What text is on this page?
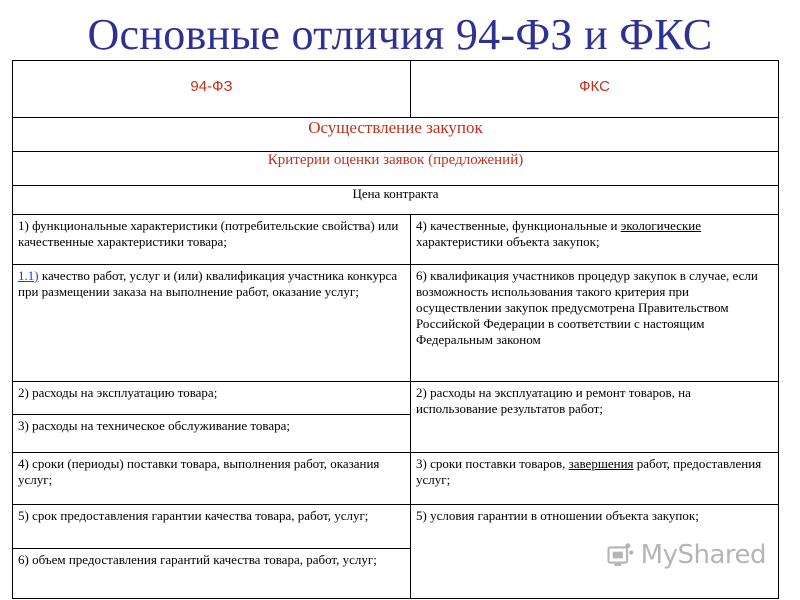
Основные отличия 94-ФЗ и ФКС
94-ФЗ	ФКС
Осуществление закупок	
Критерии оценки заявок (предложений)	
Цена контракта	
1) функциональные характеристики (потребительские свойства) или качественные характеристики товара;	4) качественные, функциональные и экологические характеристики объекта закупок;
1.1) качество работ, услуг и (или) квалификация участника конкурса при размещении заказа на выполнение работ, оказание услуг;	6) квалификация участников процедур закупок в случае, если возможность использования такого критерия при осуществлении закупок предусмотрена Правительством Российской Федерации в соответствии с настоящим Федеральным законом
2) расходы на эксплуатацию товара;	2) расходы на эксплуатацию и ремонт товаров, на использование результатов работ;
3) расходы на техническое обслуживание товара;	
4) сроки (периоды) поставки товара, выполнения работ, оказания услуг;	3) сроки поставки товаров, завершения работ, предоставления услуг;
5) срок предоставления гарантии качества товара, работ, услуг;	5) условия гарантии в отношении объекта закупок;
6) объем предоставления гарантий качества товара, работ, услуг;		MyShared
